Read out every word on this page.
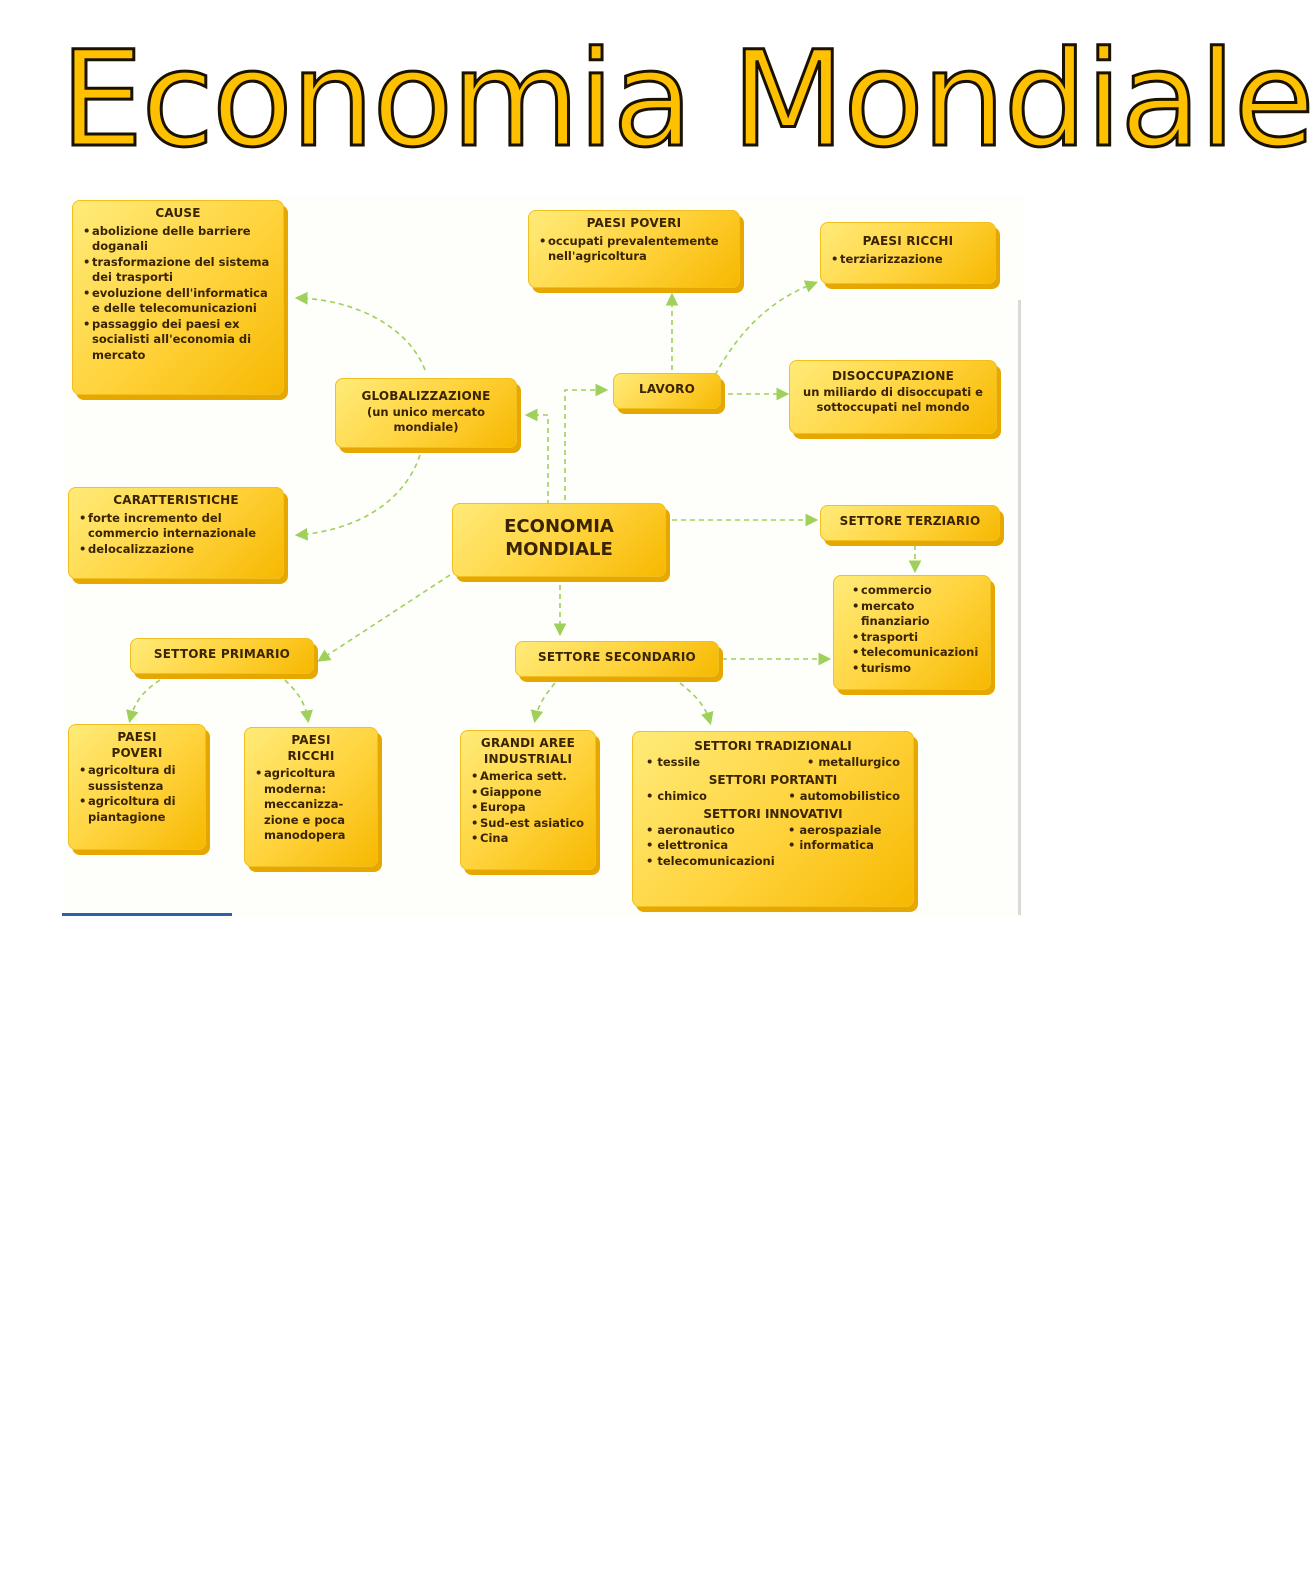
Economia Mondiale
CAUSE
• abolizione delle barriere doganali
• trasformazione del sistema dei trasporti
• evoluzione dell'informatica e delle telecomunicazioni
• passaggio dei paesi ex socialisti all'economia di mercato
GLOBALIZZAZIONE
(un unico mercato mondiale)
CARATTERISTICHE
• forte incremento del commercio internazionale
• delocalizzazione
PAESI POVERI
• occupati prevalentemente nell'agricoltura
PAESI RICCHI
• terziarizzazione
LAVORO
DISOCCUPAZIONE
un miliardo di disoccupati e sottoccupati nel mondo
ECONOMIA
MONDIALE
SETTORE TERZIARIO
• commercio
• mercato finanziario
• trasporti
• telecomunicazioni
• turismo
SETTORE PRIMARIO	SETTORE SECONDARIO
PAESI POVERI
• agricoltura di sussistenza
• agricoltura di piantagione
PAESI RICCHI
• agricoltura moderna: meccanizza-zione e poca manodopera
GRANDI AREE INDUSTRIALI
• America sett.
• Giappone
• Europa
• Sud-est asiatico
• Cina
SETTORI TRADIZIONALI
• tessile	• metallurgico
SETTORI PORTANTI
• chimico	• automobilistico
SETTORI INNOVATIVI
• aeronautico	• aerospaziale
• elettronica	• informatica
• telecomunicazioni
